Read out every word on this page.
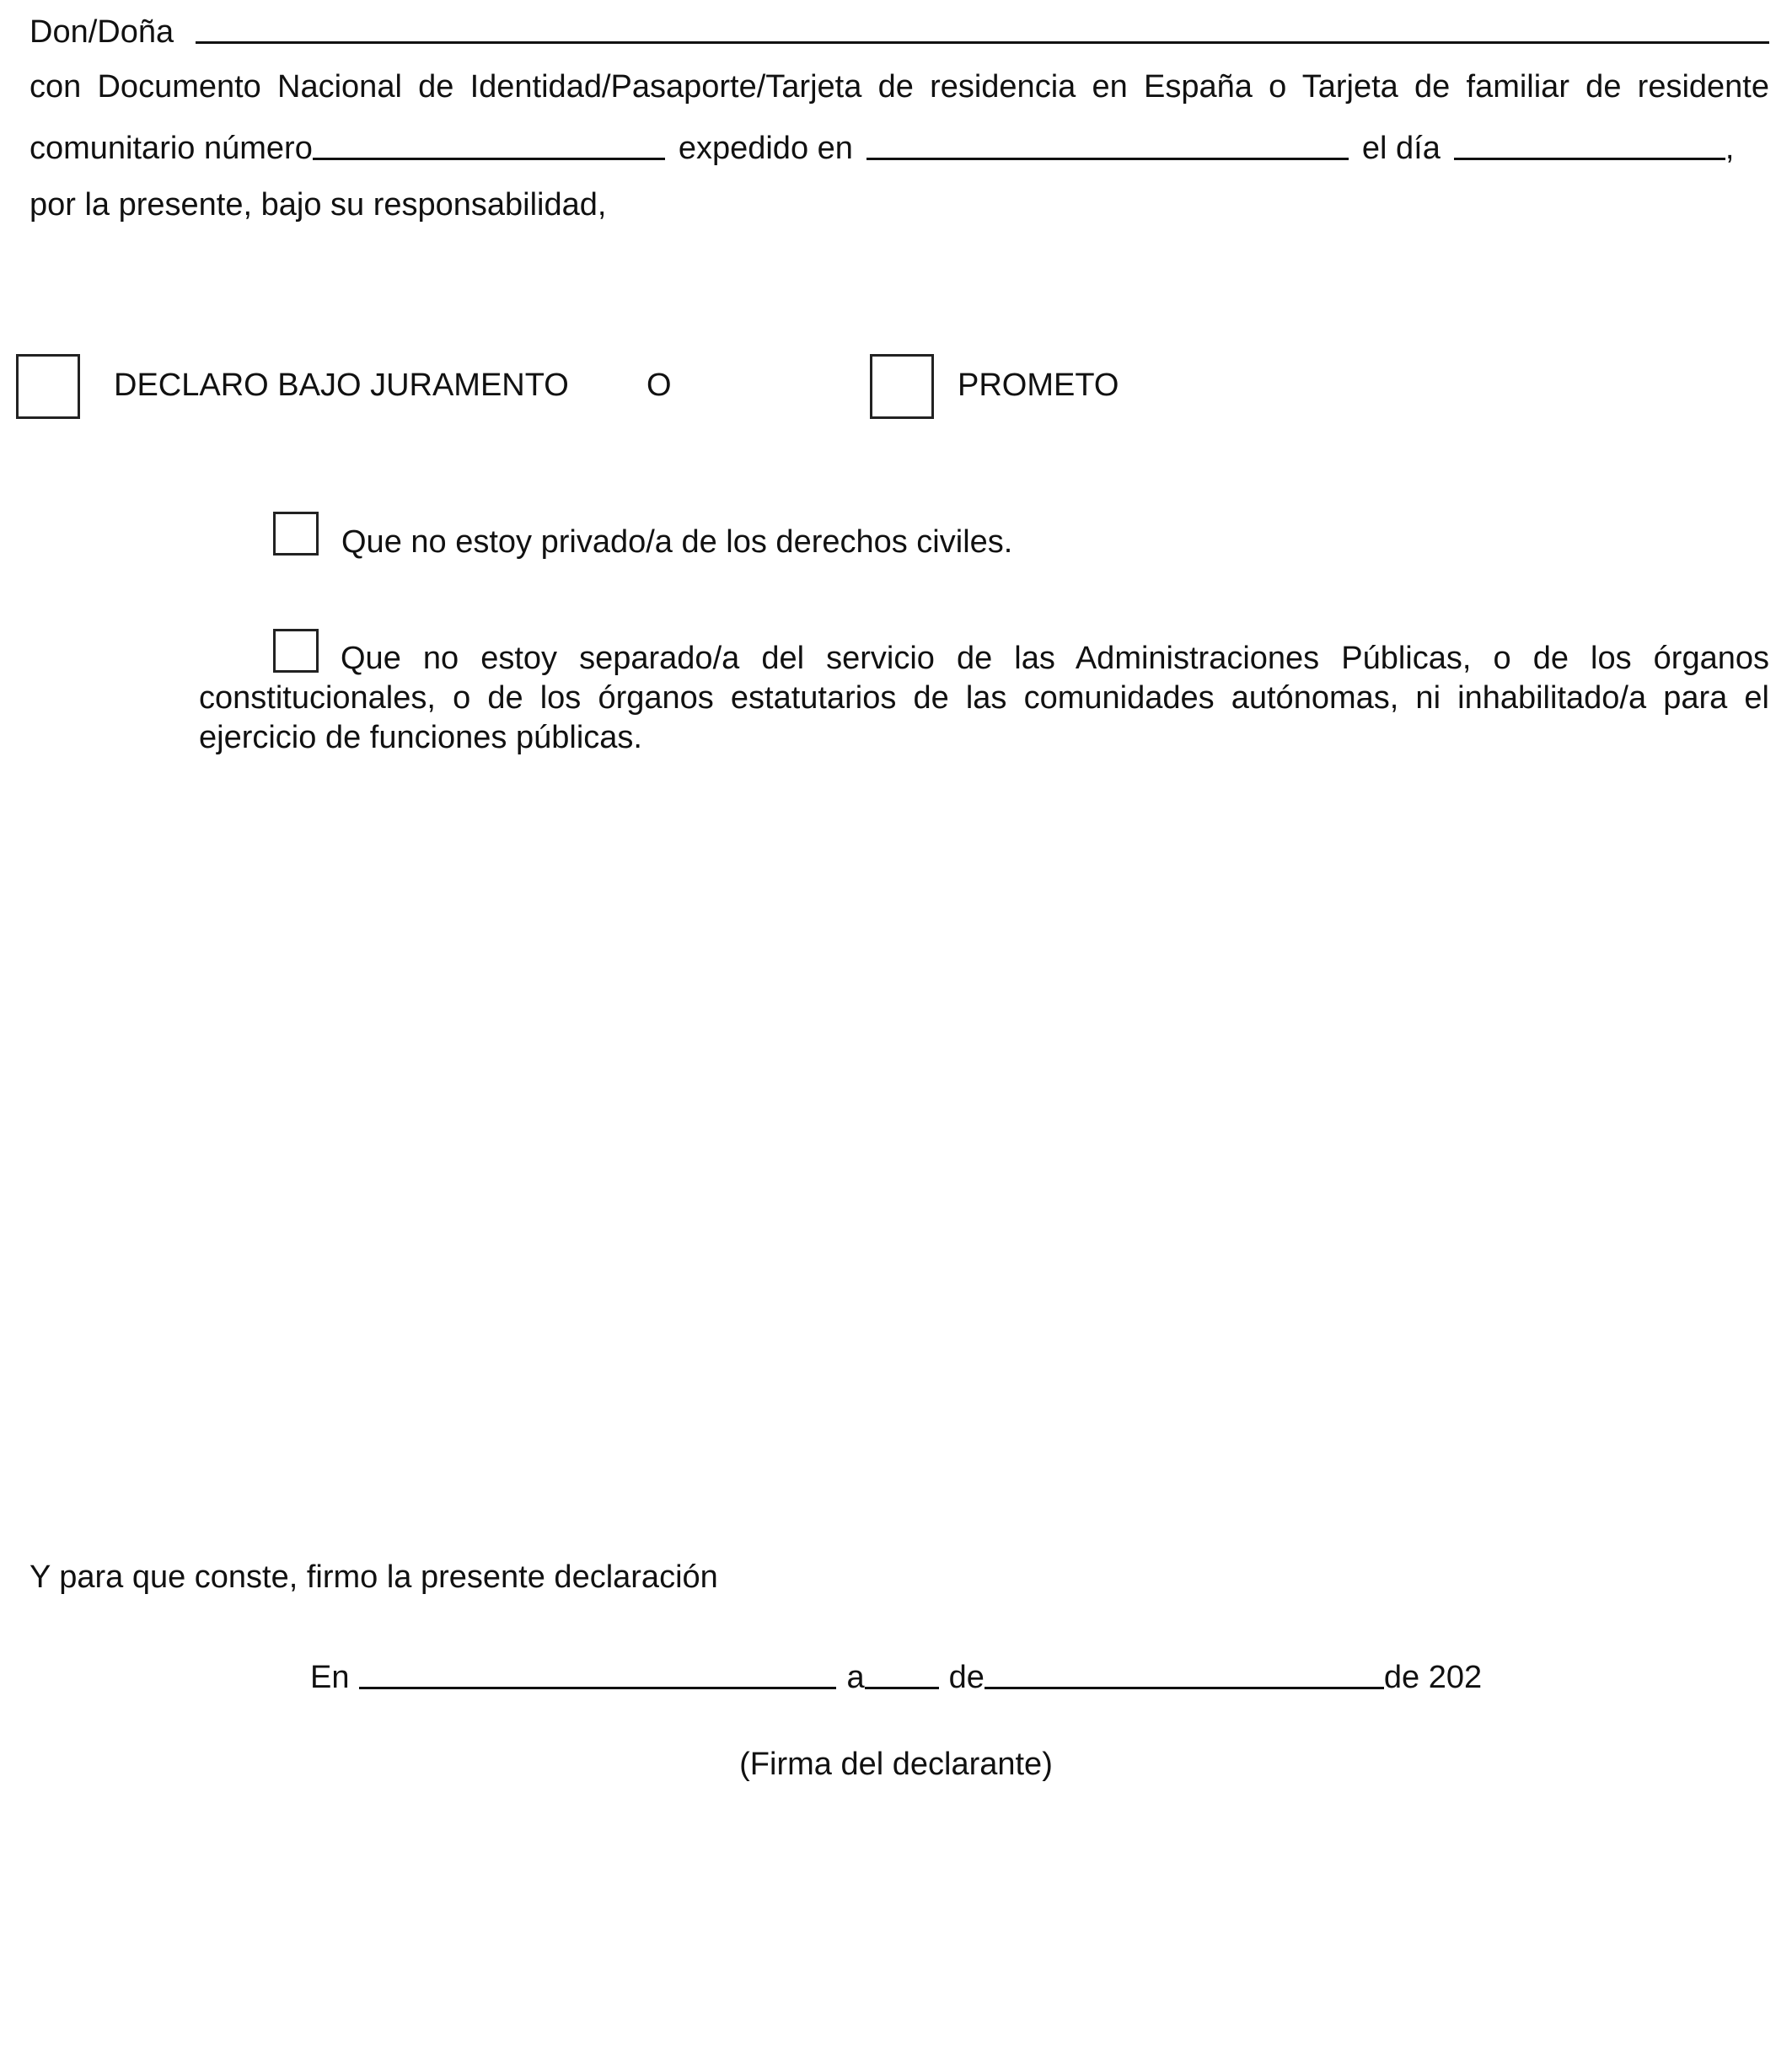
Don/Doña
con Documento Nacional de Identidad/Pasaporte/Tarjeta de residencia en España o Tarjeta de familiar de residente
comunitario número	expedido en	el día	,
por la presente, bajo su responsabilidad,
DECLARO BAJO JURAMENTO O	PROMETO
Que no estoy privado/a de los derechos civiles.
Que no estoy separado/a del servicio de las Administraciones Públicas, o de los órganos constitucionales, o de los órganos estatutarios de las comunidades autónomas, ni inhabilitado/a para el ejercicio de funciones públicas.
Y para que conste, firmo la presente declaración
En	a	de	de 202
(Firma del declarante)
